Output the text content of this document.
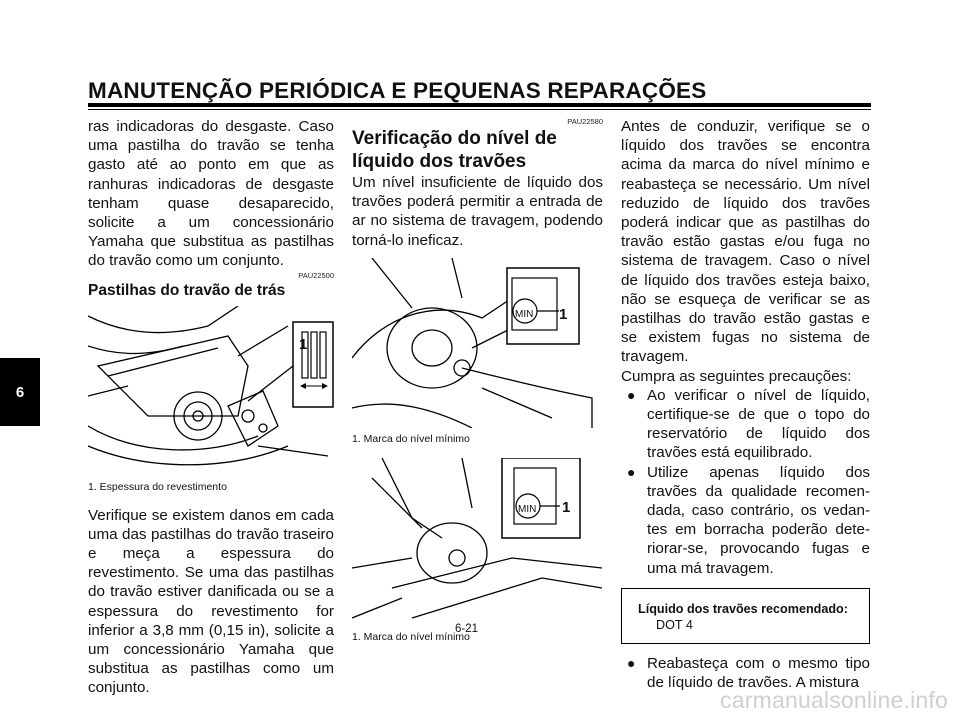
MANUTENÇÃO PERIÓDICA E PEQUENAS REPARAÇÕES
6

ras indicadoras do desgaste. Caso uma pastilha do travão se tenha gasto até ao ponto em que as ranhuras indicadoras de desgaste tenham quase desaparecido, solicite a um concessionário Yamaha que substitua as pastilhas do travão como um conjunto.

PAU22500
Pastilhas do travão de trás
1
1. Espessura do revestimento

Verifique se existem danos em cada uma das pastilhas do travão traseiro e meça a espessura do revestimento. Se uma das pastilhas do travão estiver danificada ou se a espessura do revestimento for inferior a 3,8 mm (0,15 in), solicite a um concessionário Yamaha que substitua as pastilhas como um conjunto.

PAU22580
Verificação do nível de líquido dos travões

Um nível insuficiente de líquido dos travões poderá permitir a entrada de ar no sistema de travagem, podendo torná-lo ineficaz.

MIN 1
1. Marca do nível mínimo
MIN 1
1. Marca do nível mínimo

Antes de conduzir, verifique se o líquido dos travões se encontra acima da marca do nível mínimo e reabasteça se necessário. Um nível reduzido de líquido dos travões poderá indicar que as pastilhas do travão estão gastas e/ou fuga no sistema de travagem. Caso o nível de líquido dos travões esteja baixo, não se esqueça de verificar se as pastilhas do travão estão gastas e se existem fugas no sistema de travagem.

Cumpra as seguintes precauções:

● Ao verificar o nível de líquido, certifique-se de que o topo do reservatório de líquido dos travões está equilibrado.
● Utilize apenas líquido dos travões da qualidade recomendada, caso contrário, os vedantes em borracha poderão deteriorar-se, provocando fugas e uma má travagem.
Líquido dos travões recomendado:
DOT 4
● Reabasteça com o mesmo tipo de líquido de travões. A mistura
6-21
carmanualsonline.info
